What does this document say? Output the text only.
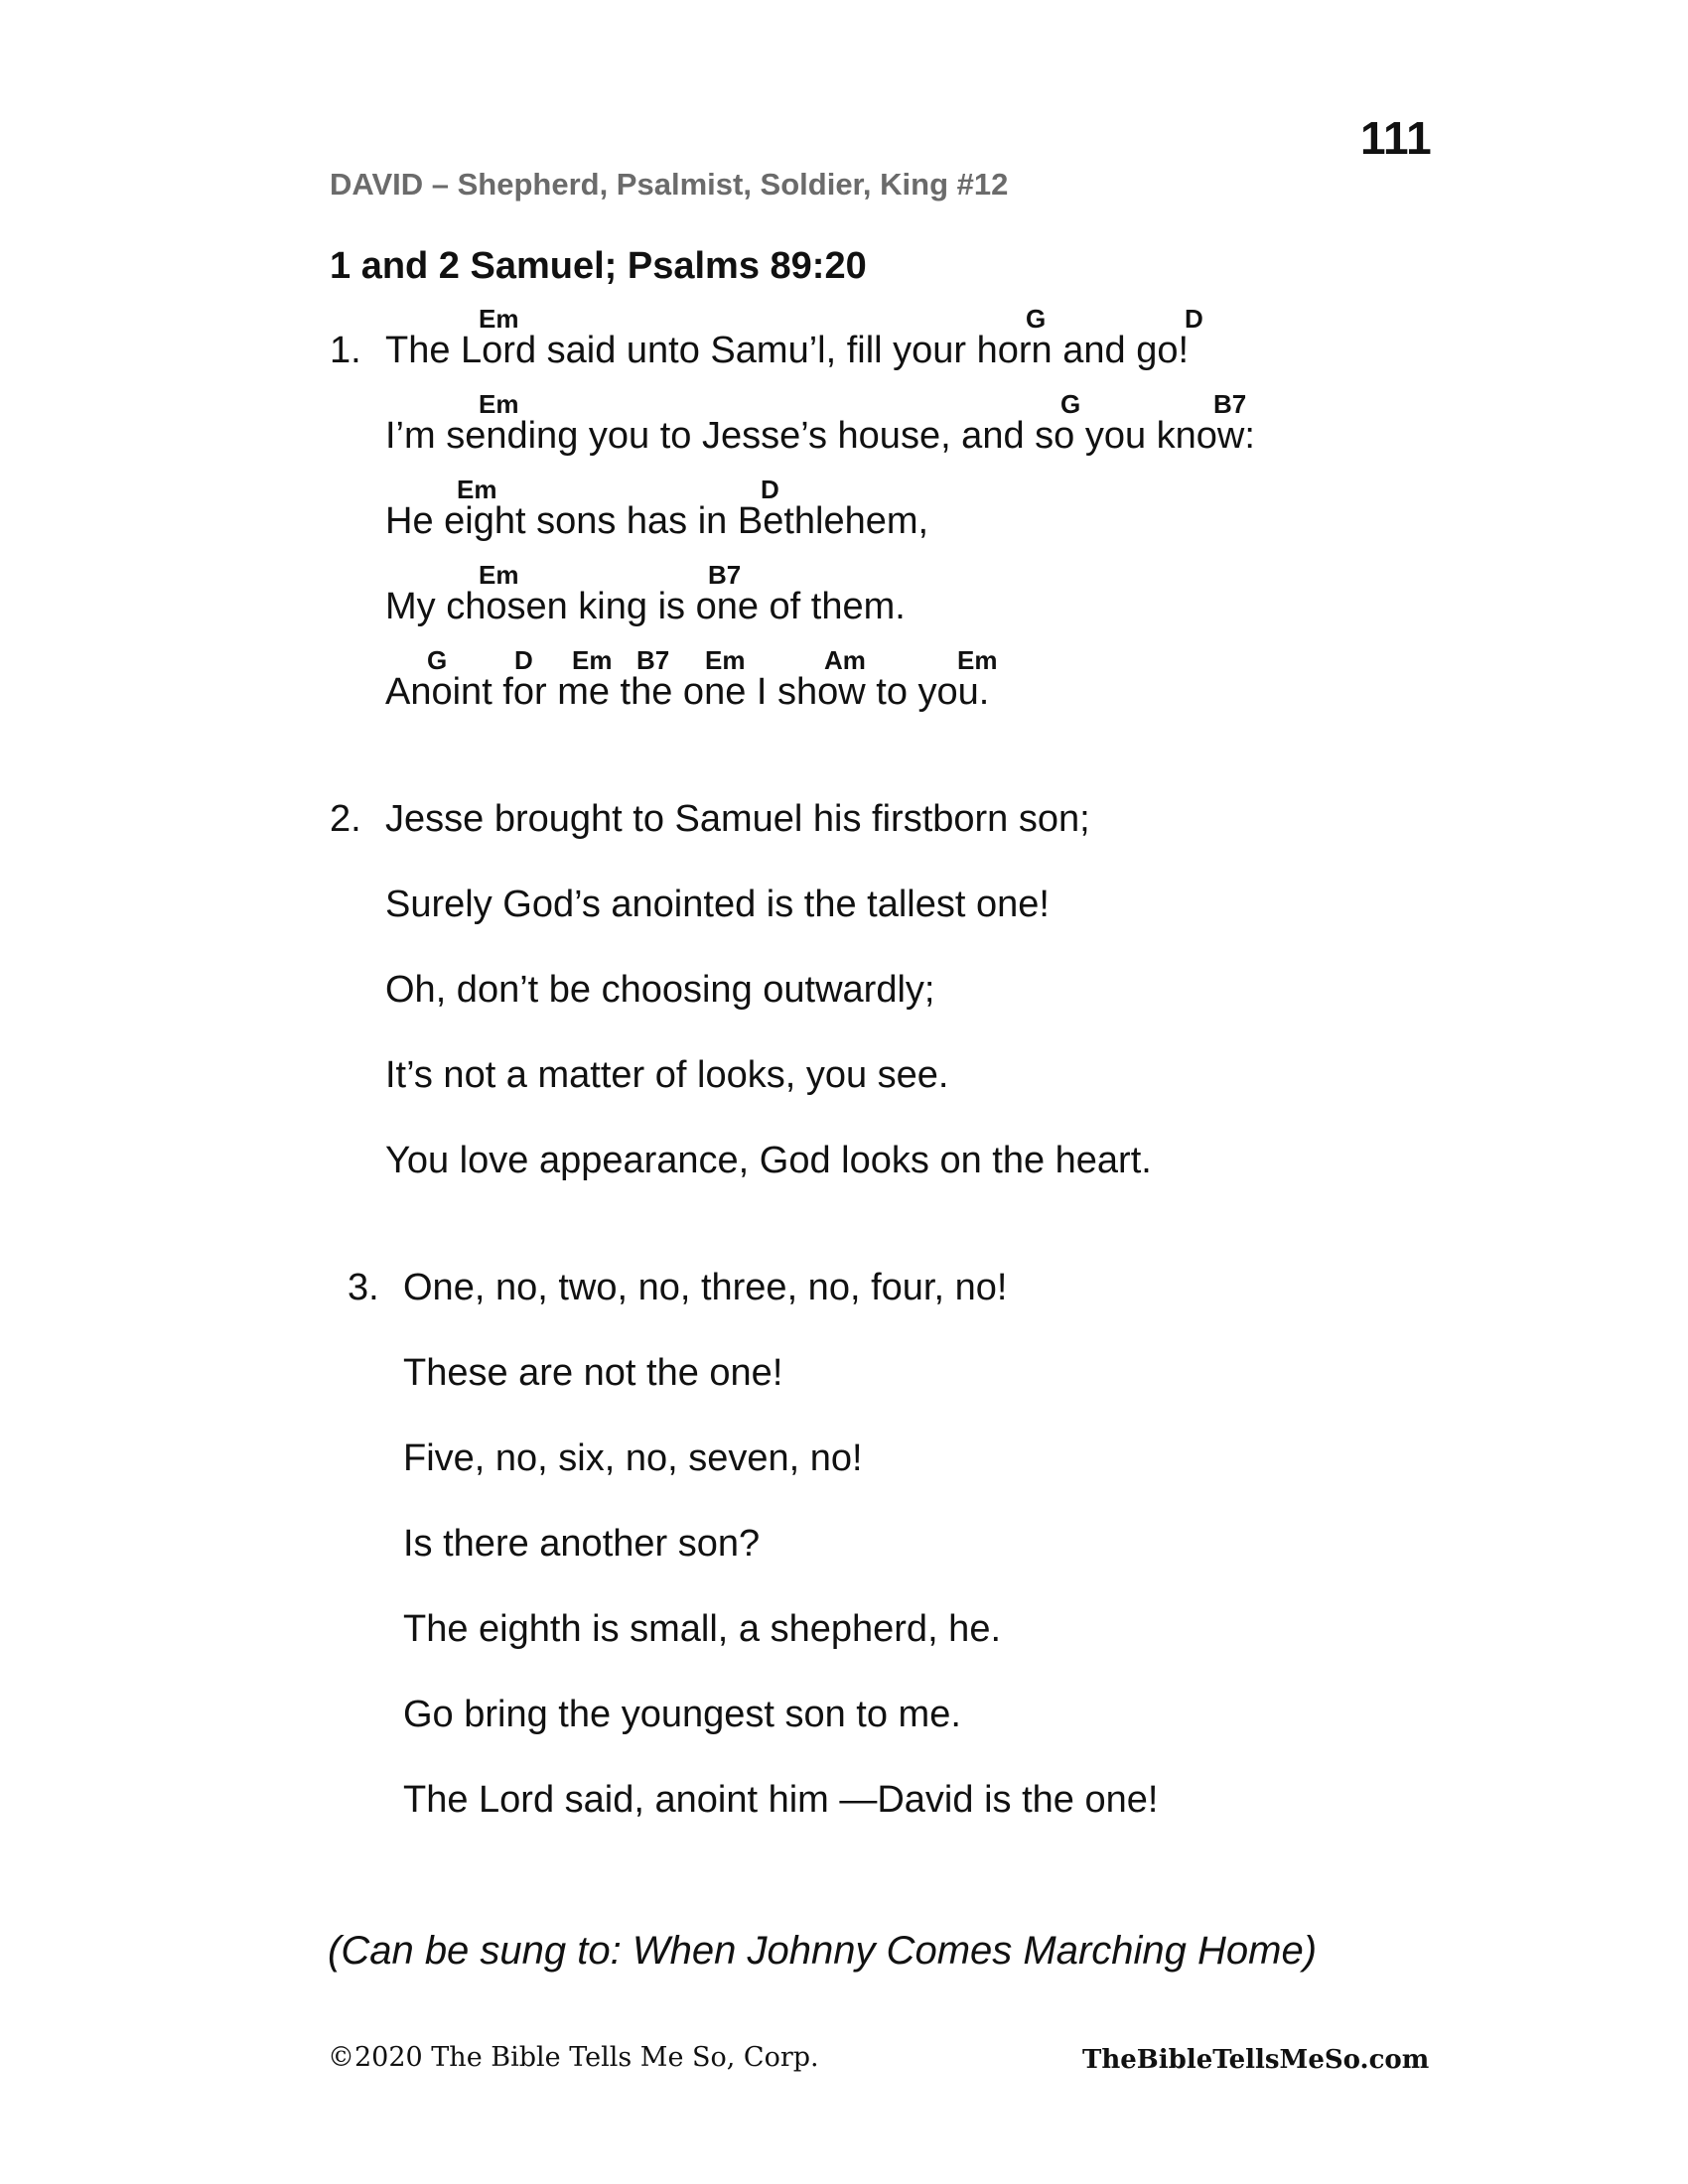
111
DAVID – Shepherd, Psalmist, Soldier, King #12
1 and 2 Samuel; Psalms 89:20
1.
Em	G	D
The Lord said unto Samu’l, fill your horn and go!
Em	G	B7
I’m sending you to Jesse’s house, and so you know:
Em	D
He eight sons has in Bethlehem,
Em	B7
My chosen king is one of them.
G	D Em B7 Em	Am	Em
Anoint for me the one I show to you.
2. Jesse brought to Samuel his firstborn son;
Surely God’s anointed is the tallest one!
Oh, don’t be choosing outwardly;
It’s not a matter of looks, you see.
You love appearance, God looks on the heart.
3. One, no, two, no, three, no, four, no!
These are not the one!
Five, no, six, no, seven, no!
Is there another son?
The eighth is small, a shepherd, he.
Go bring the youngest son to me.
The Lord said, anoint him —David is the one!
(Can be sung to: When Johnny Comes Marching Home)
©2020 The Bible Tells Me So, Corp.	TheBibleTellsMeSo.com
